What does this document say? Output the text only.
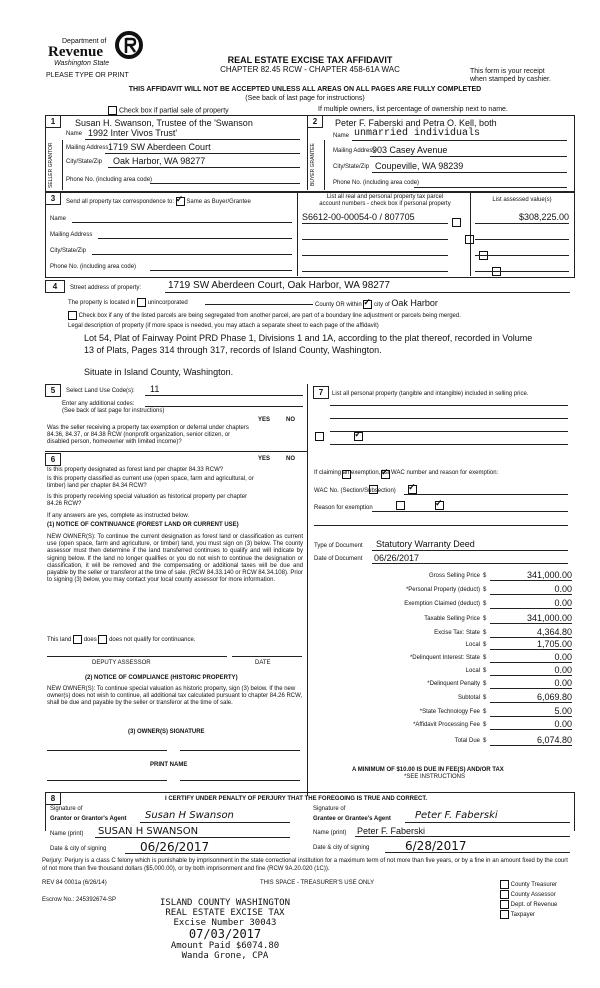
Department of
Revenue
Washington State
PLEASE TYPE OR PRINT
REAL ESTATE EXCISE TAX AFFIDAVIT
CHAPTER 82.45 RCW - CHAPTER 458-61A WAC	This form is your receipt
when stamped by cashier.
THIS AFFIDAVIT WILL NOT BE ACCEPTED UNLESS ALL AREAS ON ALL PAGES ARE FULLY COMPLETED
(See back of last page for instructions)
Check box if partial sale of property	If multiple owners, list percentage of ownership next to name.
1	2
SELLER GRANTOR	BUYER GRANTEE
Susan H. Swanson, Trustee of the 'Swanson
Name 1992 Inter Vivos Trust'
Mailing Address 1719 SW Aberdeen Court
City/State/Zip Oak Harbor, WA 98277
Phone No. (including area code)
Peter F. Faberski and Petra O. Kell, both
Name unmarried individuals
Mailing Address
903 Casey Avenue
City/State/Zip Coupeville, WA 98239
Phone No. (including area code)
3	Send all property tax correspondence to: ✓ Same as Buyer/Grantee
List all real and personal property tax parcel
account numbers - check box if personal property
List assessed value(s)
Name
Mailing Address
City/State/Zip
Phone No. (including area code)
S6612-00-00054-0 / 807705	$308,225.00

4	Street address of property:	1719 SW Aberdeen Court, Oak Harbor, WA 98277
The property is located in unincorporated	County OR within ✓ city of Oak Harbor
Check box if any of the listed parcels are being segregated from another parcel, are part of a boundary line adjustment or parcels being merged.
Legal description of property (if more space is needed, you may attach a separate sheet to each page of the affidavit)
Lot 54, Plat of Fairway Point PRD Phase 1, Divisions 1 and 1A, according to the plat thereof, recorded in Volume
13 of Plats, Pages 314 through 317, records of Island County, Washington.
Situate in Island County, Washington.
5	Select Land Use Code(s): 11
Enter any additional codes:
(See back of last page for instructions)
YES	NO
Was the seller receiving a property tax exemption or deferral under chapters 84.36, 84.37, or 84.38 RCW (nonprofit organization, senior citizen, or disabled person, homeowner with limited income)?
✓
6	YES	NO
Is this property designated as forest land per chapter 84.33 RCW?
✓
Is this property classified as current use (open space, farm and agricultural, or timber) land per chapter 84.34 RCW?
✓
Is this property receiving special valuation as historical property per chapter 84.26 RCW?
✓
If any answers are yes, complete as instructed below.
(1) NOTICE OF CONTINUANCE (FOREST LAND OR CURRENT USE)
NEW OWNER(S): To continue the current designation as forest land or classification as current use (open space, farm and agriculture, or timber) land, you must sign on (3) below. The county assessor must then determine if the land transferred continues to qualify and will indicate by signing below. If the land no longer qualifies or you do not wish to continue the designation or classification, it will be removed and the compensating or additional taxes will be due and payable by the seller or transferor at the time of sale. (RCW 84.33.140 or RCW 84.34.108). Prior to signing (3) below, you may contact your local county assessor for more information.
This land does does not qualify for continuance.
DEPUTY ASSESSOR	DATE
(2) NOTICE OF COMPLIANCE (HISTORIC PROPERTY)
NEW OWNER(S): To continue special valuation as historic property, sign (3) below. If the new owner(s) does not wish to continue, all additional tax calculated pursuant to chapter 84.26 RCW, shall be due and payable by the seller or transferor at the time of sale.
(3) OWNER(S) SIGNATURE
PRINT NAME
7	List all personal property (tangible and intangible) included in selling price.
If claiming an exemption, list WAC number and reason for exemption:
WAC No. (Section/Subsection)
Reason for exemption
Type of Document Statutory Warranty Deed
Date of Document 06/26/2017
Gross Selling Price $	341,000.00
*Personal Property (deduct) $	0.00
Exemption Claimed (deduct) $	0.00
Taxable Selling Price $	341,000.00
Excise Tax: State $	4,364.80
Local $	1,705.00
*Delinquent Interest: State $	0.00
Local $	0.00
*Delinquent Penalty $	0.00
Subtotal $	6,069.80
*State Technology Fee $	5.00
*Affidavit Processing Fee $	0.00
Total Due $	6,074.80
A MINIMUM OF $10.00 IS DUE IN FEE(S) AND/OR TAX
*SEE INSTRUCTIONS
8	I CERTIFY UNDER PENALTY OF PERJURY THAT THE FOREGOING IS TRUE AND CORRECT.
Signature of
Grantor or Grantor's Agent Susan H Swanson
Name (print) SUSAN H SWANSON
Date & city of signing	06/26/2017
Signature of
Grantee or Grantee's Agent Peter F. Faberski
Name (print) Peter F. Faberski
Date & city of signing	6/28/2017
Perjury: Perjury is a class C felony which is punishable by imprisonment in the state correctional institution for a maximum term of not more than five years, or by a fine in an amount fixed by the court of not more than five thousand dollars ($5,000.00), or by both imprisonment and fine (RCW 9A.20.020 (1C)).
REV 84 0001a (6/26/14)	THIS SPACE - TREASURER'S USE ONLY
Escrow No.: 245392674-SP
County Treasurer
County Assessor
Dept. of Revenue
Taxpayer
ISLAND COUNTY WASHINGTON
REAL ESTATE EXCISE TAX
Excise Number 30043
07/03/2017
Amount Paid $6074.80
Wanda Grone, CPA
